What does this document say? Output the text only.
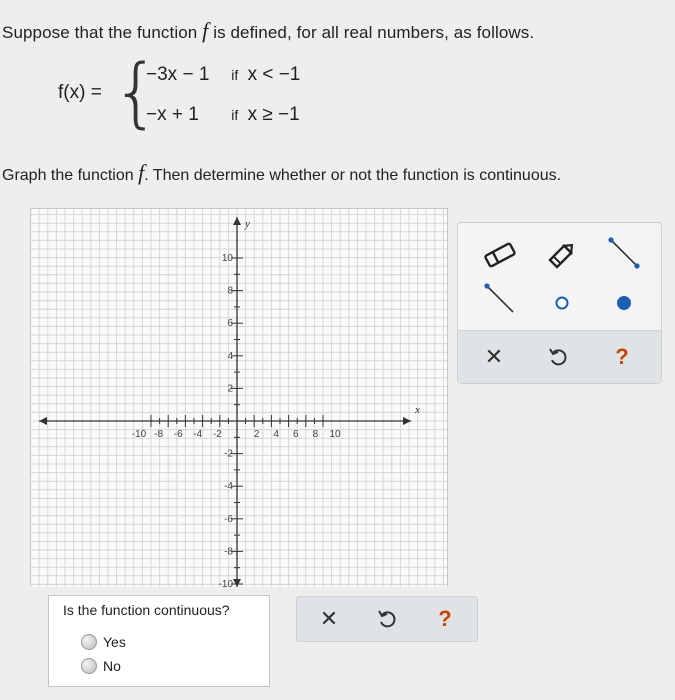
Suppose that the function f is defined, for all real numbers, as follows.
f(x) = {
−3x − 1 if x < −1
−x + 1 if x ≥ −1
Graph the function f. Then determine whether or not the function is continuous.
-10 -8 -6 -4 -2	2 4 6 8 10
10
8
6
4
2
-2
-4
-6
-8
-10
x
y
✕	?
Is the function continuous?
Yes
No
✕	?
